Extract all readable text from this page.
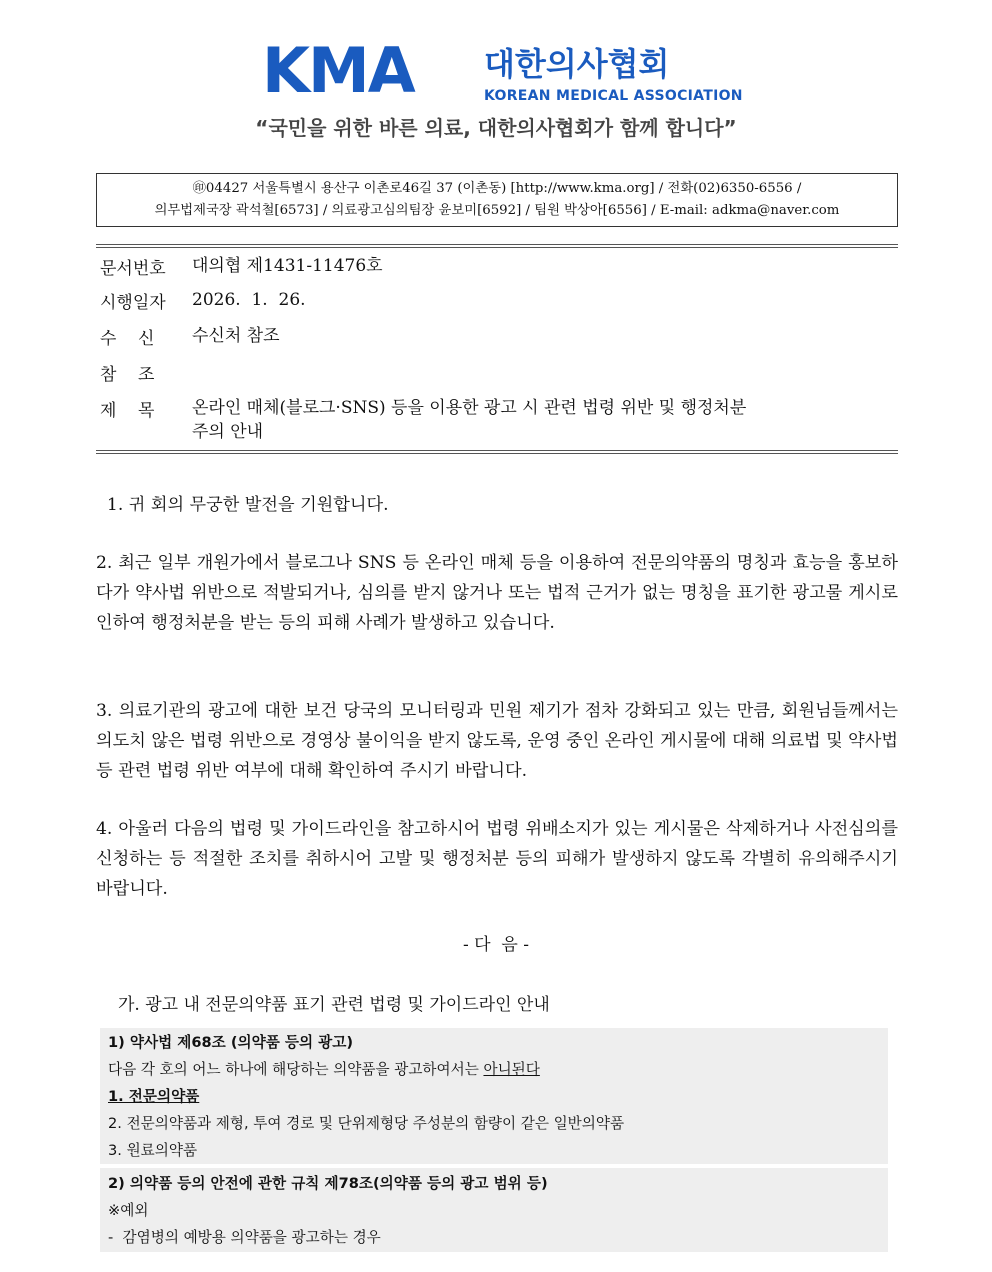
KMA 대한의사협회
KOREAN MEDICAL ASSOCIATION
“국민을 위한 바른 의료, 대한의사협회가 함께 합니다”
㊞04427 서울특별시 용산구 이촌로46길 37 (이촌동) [http://www.kma.org] / 전화(02)6350-6556 /
의무법제국장 곽석철[6573] / 의료광고심의팀장 윤보미[6592] / 팀원 박상아[6556] / E-mail: adkma@naver.com
문서번호	대의협 제1431-11476호
시행일자	2026.  1.  26.
수    신	수신처 참조
참    조
제    목	온라인 매체(블로그·SNS) 등을 이용한 광고 시 관련 법령 위반 및 행정처분
주의 안내

1. 귀 회의 무궁한 발전을 기원합니다.

2. 최근 일부 개원가에서 블로그나 SNS 등 온라인 매체 등을 이용하여 전문의약품의 명칭과 효능을 홍보하다가 약사법 위반으로 적발되거나, 심의를 받지 않거나 또는 법적 근거가 없는 명칭을 표기한 광고물 게시로 인하여 행정처분을 받는 등의 피해 사례가 발생하고 있습니다.

3. 의료기관의 광고에 대한 보건 당국의 모니터링과 민원 제기가 점차 강화되고 있는 만큼, 회원님들께서는 의도치 않은 법령 위반으로 경영상 불이익을 받지 않도록, 운영 중인 온라인 게시물에 대해 의료법 및 약사법 등 관련 법령 위반 여부에 대해 확인하여 주시기 바랍니다.

4. 아울러 다음의 법령 및 가이드라인을 참고하시어 법령 위배소지가 있는 게시물은 삭제하거나 사전심의를 신청하는 등 적절한 조치를 취하시어 고발 및 행정처분 등의 피해가 발생하지 않도록 각별히 유의해주시기 바랍니다.

- 다  음 -
가. 광고 내 전문의약품 표기 관련 법령 및 가이드라인 안내
1) 약사법 제68조 (의약품 등의 광고)
다음 각 호의 어느 하나에 해당하는 의약품을 광고하여서는 아니된다
1. 전문의약품
2. 전문의약품과 제형, 투여 경로 및 단위제형당 주성분의 함량이 같은 일반의약품
3. 원료의약품
2) 의약품 등의 안전에 관한 규칙 제78조(의약품 등의 광고 범위 등)
※예외
-  감염병의 예방용 의약품을 광고하는 경우
